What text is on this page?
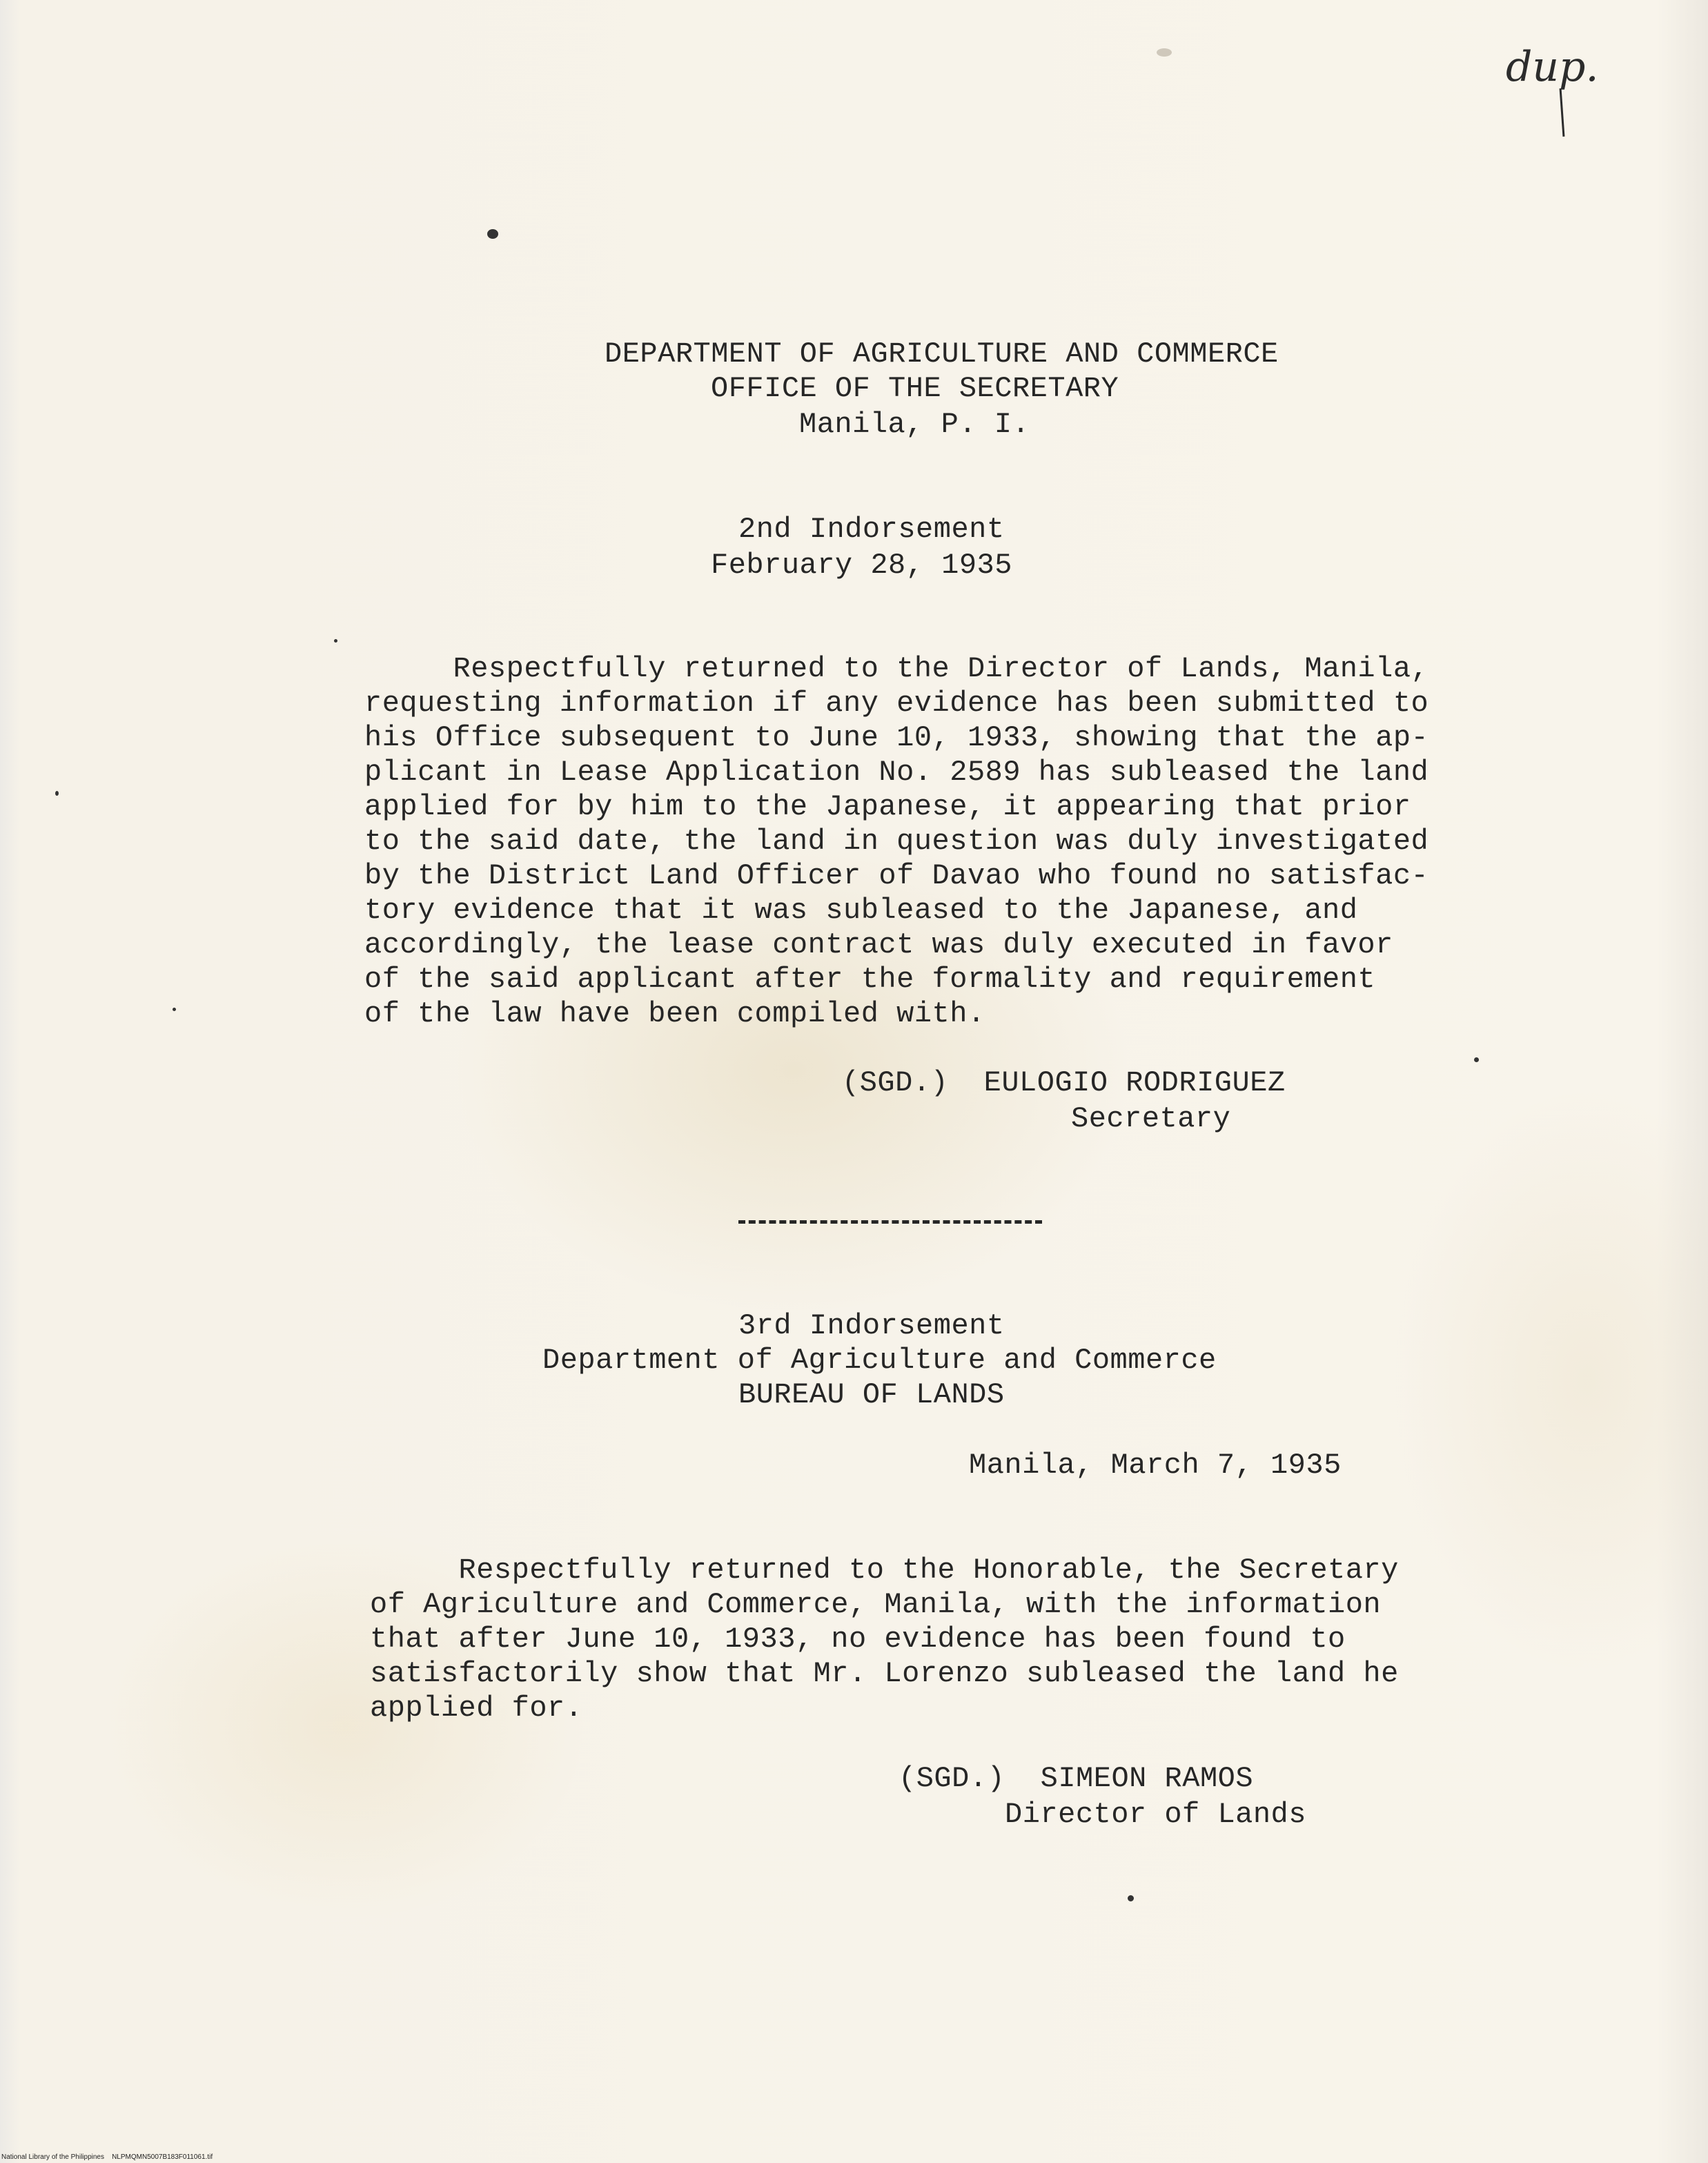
dup.
DEPARTMENT OF AGRICULTURE AND COMMERCE
OFFICE OF THE SECRETARY
Manila, P. I.
2nd Indorsement
February 28, 1935
Respectfully returned to the Director of Lands, Manila,
requesting information if any evidence has been submitted to
his Office subsequent to June 10, 1933, showing that the ap-
plicant in Lease Application No. 2589 has subleased the land
applied for by him to the Japanese, it appearing that prior
to the said date, the land in question was duly investigated
by the District Land Officer of Davao who found no satisfac-
tory evidence that it was subleased to the Japanese, and
accordingly, the lease contract was duly executed in favor
of the said applicant after the formality and requirement
of the law have been compiled with.
(SGD.)  EULOGIO RODRIGUEZ
Secretary
3rd Indorsement
Department of Agriculture and Commerce
BUREAU OF LANDS
Manila, March 7, 1935
Respectfully returned to the Honorable, the Secretary
of Agriculture and Commerce, Manila, with the information
that after June 10, 1933, no evidence has been found to
satisfactorily show that Mr. Lorenzo subleased the land he
applied for.
(SGD.)  SIMEON RAMOS
Director of Lands
National Library of the Philippines    NLPMQMN5007B183F011061.tif
